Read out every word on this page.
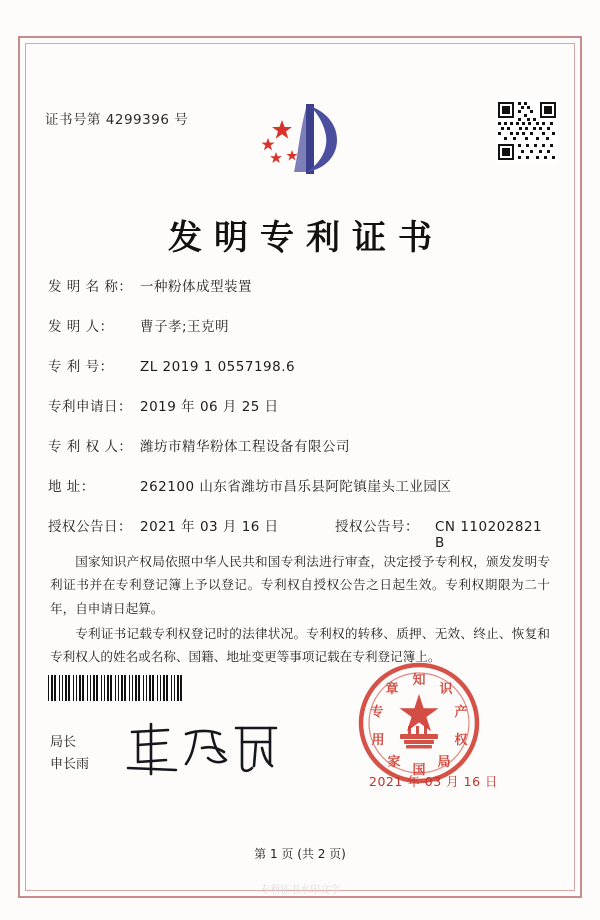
证书号第 4299396 号
发明专利证书
发 明 名 称： 一种粉体成型装置
发 明 人：	曹子孝;王克明
专 利 号：	ZL 2019 1 0557198.6
专利申请日： 2019 年 06 月 25 日
专 利 权 人： 潍坊市精华粉体工程设备有限公司
地 址：	262100 山东省潍坊市昌乐县阿陀镇崖头工业园区
授权公告日： 2021 年 03 月 16 日	授权公告号：	CN 110202821 B

国家知识产权局依照中华人民共和国专利法进行审查，决定授予专利权，颁发发明专利证书并在专利登记簿上予以登记。专利权自授权公告之日起生效。专利权期限为二十年，自申请日起算。

专利证书记载专利权登记时的法律状况。专利权的转移、质押、无效、终止、恢复和专利权人的姓名或名称、国籍、地址变更等事项记载在专利登记簿上。

局长
申长雨
知
识
产
权
局
国
家
用
专
章
2021 年 03 月 16 日
第 1 页 (共 2 页)
专利证书水印文字
